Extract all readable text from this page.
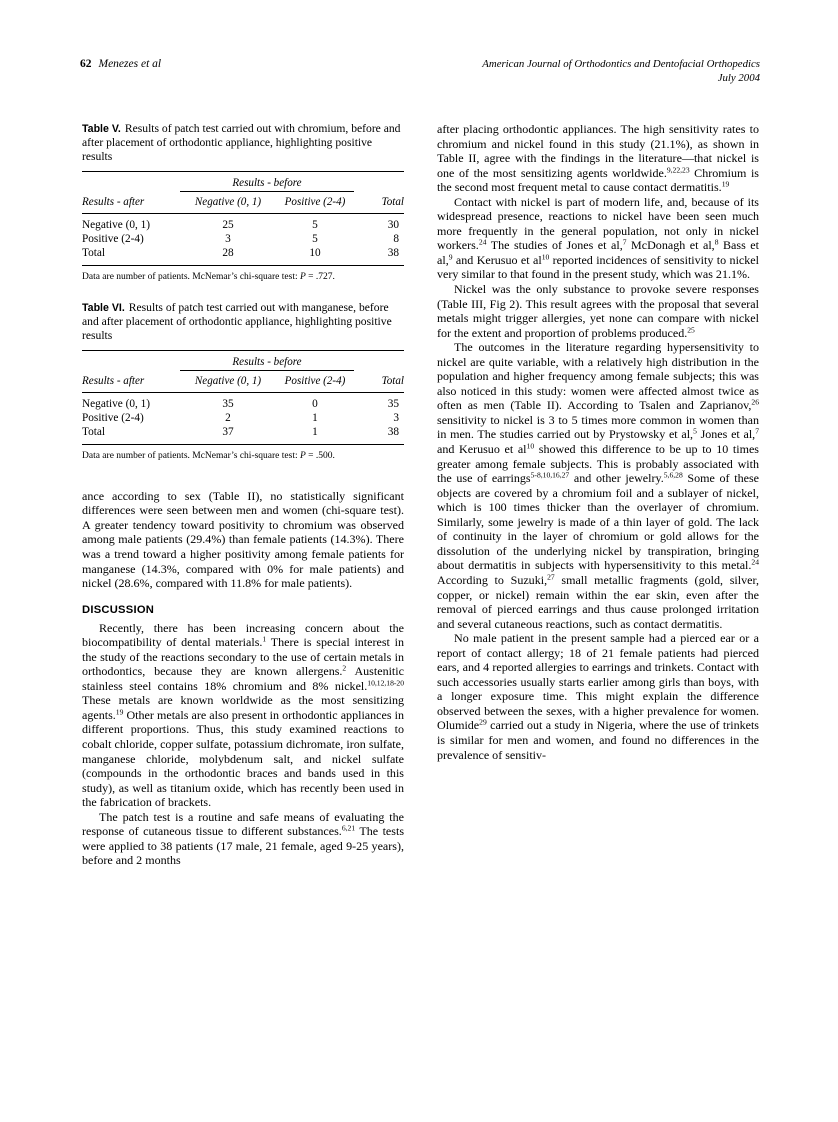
62 Menezes et al	American Journal of Orthodontics and Dentofacial Orthopedics
July 2004
Table V. Results of patch test carried out with chromium, before and after placement of orthodontic appliance, highlighting positive results

	Results - before		

Results - after	Negative (0, 1)	Positive (2-4)	Total

Negative (0, 1)	25	5	30
Positive (2-4)	3	5	8
Total	28	10	38

Data are number of patients. McNemar’s chi-square test: P = .727.
Table VI. Results of patch test carried out with manganese, before and after placement of orthodontic appliance, highlighting positive results

	Results - before		

Results - after	Negative (0, 1)	Positive (2-4)	Total

Negative (0, 1)	35	0	35
Positive (2-4)	2	1	3
Total	37	1	38

Data are number of patients. McNemar’s chi-square test: P = .500.

ance according to sex (Table II), no statistically significant differences were seen between men and women (chi-square test). A greater tendency toward positivity to chromium was observed among male patients (29.4%) than female patients (14.3%). There was a trend toward a higher positivity among female patients for manganese (14.3%, compared with 0% for male patients) and nickel (28.6%, compared with 11.8% for male patients).

DISCUSSION

Recently, there has been increasing concern about the biocompatibility of dental materials.$^1$ There is special interest in the study of the reactions secondary to the use of certain metals in orthodontics, because they are known allergens.$^2$ Austenitic stainless steel contains 18% chromium and 8% nickel.$^{10,12,18-20}$ These metals are known worldwide as the most sensitizing agents.$^{19}$ Other metals are also present in orthodontic appliances in different proportions. Thus, this study examined reactions to cobalt chloride, copper sulfate, potassium dichromate, iron sulfate, manganese chloride, molybdenum salt, and nickel sulfate (compounds in the orthodontic braces and bands used in this study), as well as titanium oxide, which has recently been used in the fabrication of brackets.

The patch test is a routine and safe means of evaluating the response of cutaneous tissue to different substances.$^{6,21}$ The tests were applied to 38 patients (17 male, 21 female, aged 9-25 years), before and 2 months

after placing orthodontic appliances. The high sensitivity rates to chromium and nickel found in this study (21.1%), as shown in Table II, agree with the findings in the literature—that nickel is one of the most sensitizing agents worldwide.$^{9,22,23}$ Chromium is the second most frequent metal to cause contact dermatitis.$^{19}$

Contact with nickel is part of modern life, and, because of its widespread presence, reactions to nickel have been seen much more frequently in the general population, not only in nickel workers.$^{24}$ The studies of Jones et al,$^7$ McDonagh et al,$^8$ Bass et al,$^9$ and Kerusuo et $al^{10}$ reported incidences of sensitivity to nickel very similar to that found in the present study, which was 21.1%.

Nickel was the only substance to provoke severe responses (Table III, Fig 2). This result agrees with the proposal that several metals might trigger allergies, yet none can compare with nickel for the extent and proportion of problems produced.$^{25}$

The outcomes in the literature regarding hypersensitivity to nickel are quite variable, with a relatively high distribution in the population and higher frequency among female subjects; this was also noticed in this study: women were affected almost twice as often as men (Table II). According to Tsalen and Zaprianov,$^{26}$ sensitivity to nickel is 3 to 5 times more common in women than in men. The studies carried out by Prystowsky et al,$^5$ Jones et al,$^7$ and Kerusuo et $al^{10}$ showed this difference to be up to 10 times greater among female subjects. This is probably associated with the use of earrings$^{5-8,10,16,27}$ and other jewelry.$^{5,6,28}$ Some of these objects are covered by a chromium foil and a sublayer of nickel, which is 100 times thicker than the overlayer of chromium. Similarly, some jewelry is made of a thin layer of gold. The lack of continuity in the layer of chromium or gold allows for the dissolution of the underlying nickel by transpiration, bringing about dermatitis in subjects with hypersensitivity to this metal.$^{24}$ According to Suzuki,$^{27}$ small metallic fragments (gold, silver, copper, or nickel) remain within the ear skin, even after the removal of pierced earrings and thus cause prolonged irritation and several cutaneous reactions, such as contact dermatitis.

No male patient in the present sample had a pierced ear or a report of contact allergy; 18 of 21 female patients had pierced ears, and 4 reported allergies to earrings and trinkets. Contact with such accessories usually starts earlier among girls than boys, with a longer exposure time. This might explain the difference observed between the sexes, with a higher prevalence for women. Olumide$^{29}$ carried out a study in Nigeria, where the use of trinkets is similar for men and women, and found no differences in the prevalence of sensitiv-
